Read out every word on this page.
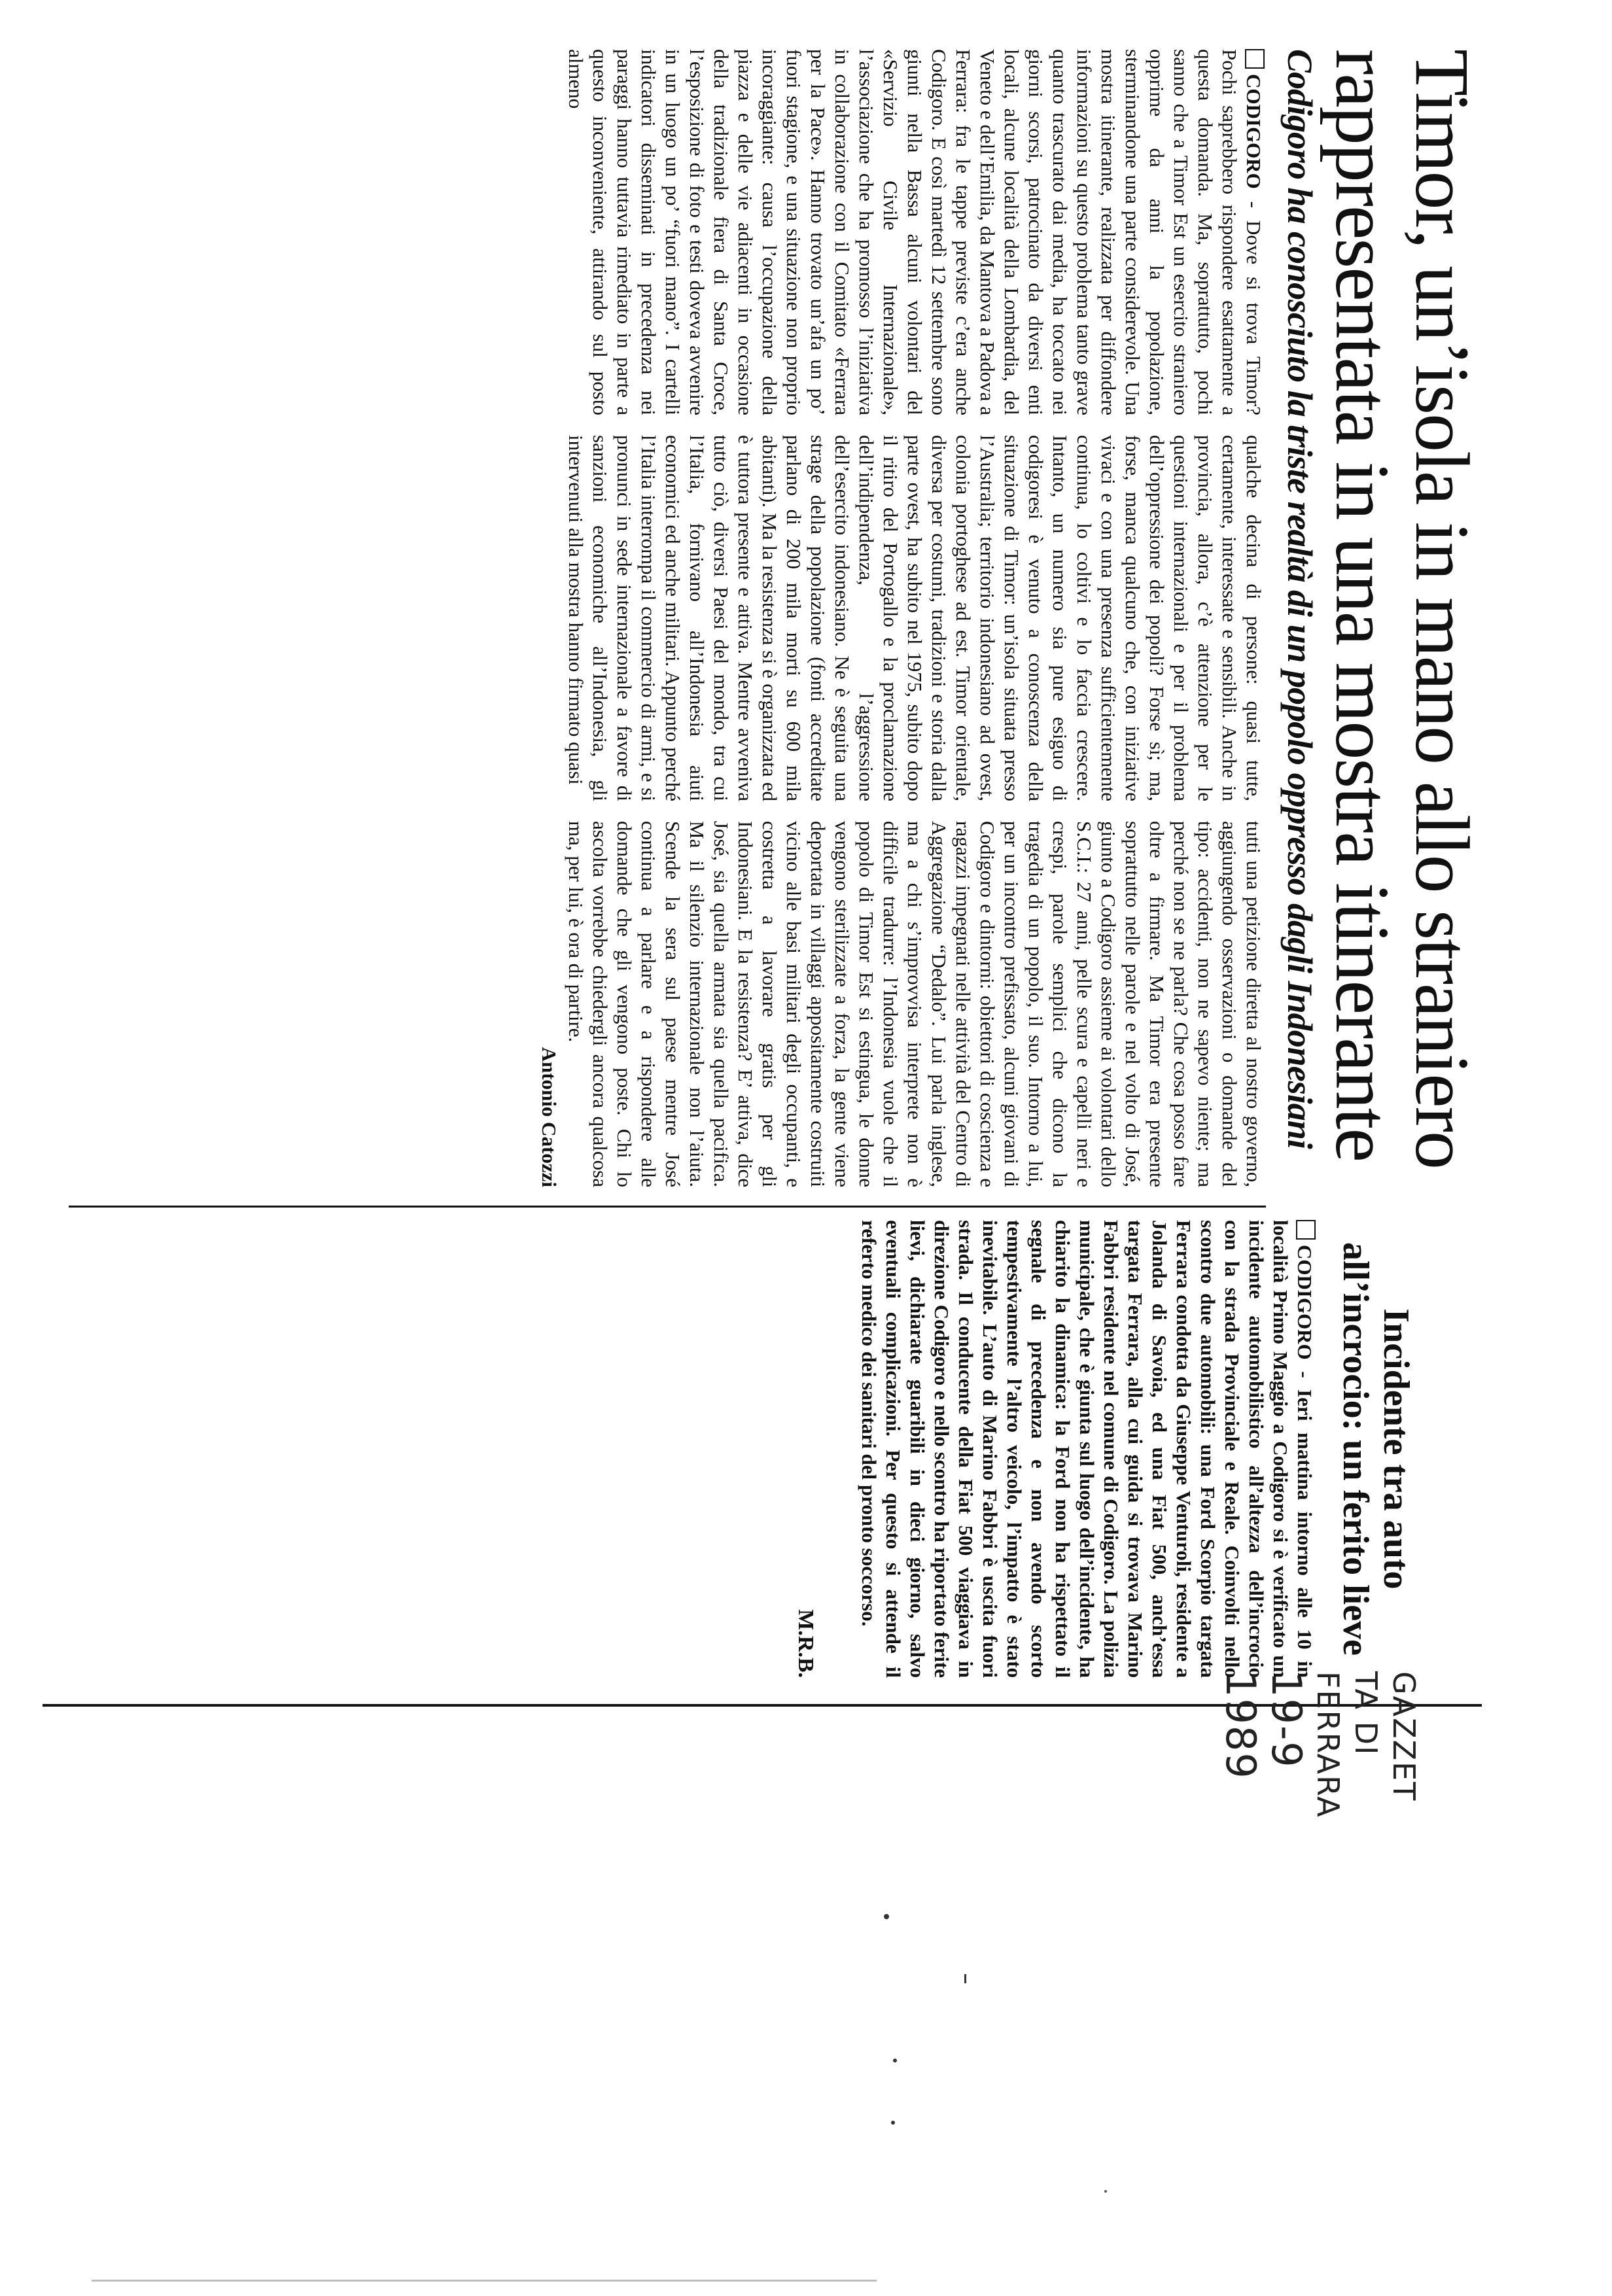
Timor, un’isola in mano allo straniero
rappresentata in una mostra itinerante
Codigoro ha conosciuto la triste realtà di un popolo oppresso dagli Indonesiani

CODIGORO - Dove si trova Timor? Pochi saprebbero rispondere esattamente a questa domanda. Ma, soprattutto, pochi sanno che a Timor Est un esercito straniero opprime da anni la popolazione, sterminandone una parte considerevole. Una mostra itinerante, realizzata per diffondere informazioni su questo problema tanto grave quanto trascurato dai media, ha toccato nei giorni scorsi, patrocinato da diversi enti locali, alcune località della Lombardia, del Veneto e dell’Emilia, da Mantova a Padova a Ferrara: fra le tappe previste c’era anche Codigoro. E così martedì 12 settembre sono giunti nella Bassa alcuni volontari del «Servizio Civile Internazionale», l’associazione che ha promosso l’iniziativa in collaborazione con il Comitato «Ferrara per la Pace». Hanno trovato un’afa un po’ fuori stagione, e una situazione non proprio incoraggiante: causa l’occupazione della piazza e delle vie adiacenti in occasione della tradizionale fiera di Santa Croce, l’esposizione di foto e testi doveva avvenire in un luogo un po’ “fuori mano”. I cartelli indicatori disseminati in precedenza nei paraggi hanno tuttavia rimediato in parte a questo inconveniente, attirando sul posto almeno

qualche decina di persone: quasi tutte, certamente, interessate e sensibili. Anche in provincia, allora, c’è attenzione per le questioni internazionali e per il problema dell’oppressione dei popoli? Forse sì; ma, forse, manca qualcuno che, con iniziative vivaci e con una presenza sufficientemente continua, lo coltivi e lo faccia crescere. Intanto, un numero sia pure esiguo di codigoresi è venuto a conoscenza della situazione di Timor: un’isola situata presso l’Australia; territorio indonesiano ad ovest, colonia portoghese ad est. Timor orientale, diversa per costumi, tradizioni e storia dalla parte ovest, ha subito nel 1975, subito dopo il ritiro del Portogallo e la proclamazione dell’indipendenza, l’aggressione dell’esercito indonesiano. Ne è seguita una strage della popolazione (fonti accreditate parlano di 200 mila morti su 600 mila abitanti). Ma la resistenza si è organizzata ed è tuttora presente e attiva. Mentre avveniva tutto ciò, diversi Paesi del mondo, tra cui l’Italia, fornivano all’Indonesia aiuti economici ed anche militari. Appunto perché l’Italia interrompa il commercio di armi, e si pronunci in sede internazionale a favore di sanzioni economiche all’Indonesia, gli intervenuti alla mostra hanno firmato quasi

tutti una petizione diretta al nostro governo, aggiungendo osservazioni o domande del tipo: accidenti, non ne sapevo niente; ma perché non se ne parla? Che cosa posso fare oltre a firmare. Ma Timor era presente soprattutto nelle parole e nel volto di José, giunto a Codigoro assieme ai volontari dello S.C.I.: 27 anni, pelle scura e capelli neri e crespi, parole semplici che dicono la tragedia di un popolo, il suo. Intorno a lui, per un incontro prefissato, alcuni giovani di Codigoro e dintorni: obiettori di coscienza e ragazzi impegnati nelle attività del Centro di Aggregazione “Dedalo”. Lui parla inglese, ma a chi s’improvvisa interprete non è difficile tradurre: l’Indonesia vuole che il popolo di Timor Est si estingua, le donne vengono sterilizzate a forza, la gente viene deportata in villaggi appositamente costruiti vicino alle basi militari degli occupanti, e costretta a lavorare gratis per gli Indonesiani. E la resistenza? E’ attiva, dice José, sia quella armata sia quella pacifica. Ma il silenzio internazionale non l’aiuta. Scende la sera sul paese mentre José continua a parlare e a rispondere alle domande che gli vengono poste. Chi lo ascolta vorrebbe chiedergli ancora qualcosa ma, per lui, è ora di partire.

Antonio Catozzi
Incidente tra auto all’incrocio: un ferito lieve

CODIGORO - Ieri mattina intorno alle 10 in località Primo Maggio a Codigoro si è verificato un incidente automobilistico all’altezza dell’incrocio con la strada Provinciale e Reale. Coinvolti nello scontro due automobili: una Ford Scorpio targata Ferrara condotta da Giuseppe Venturoli, residente a Jolanda di Savoia, ed una Fiat 500, anch’essa targata Ferrara, alla cui guida si trovava Marino Fabbri residente nel comune di Codigoro. La polizia municipale, che è giunta sul luogo dell’incidente, ha chiarito la dinamica: la Ford non ha rispettato il segnale di precedenza e non avendo scorto tempestivamente l’altro veicolo, l’impatto è stato inevitabile. L’auto di Marino Fabbri è uscita fuori strada. Il conducente della Fiat 500 viaggiava in direzione Codigoro e nello scontro ha riportato ferite lievi, dichiarate guaribili in dieci giorno, salvo eventuali complicazioni. Per questo si attende il referto medico dei sanitari del pronto soccorso.

M.R.B.
GAZZET
TA DI
FERRARA
19-9
1989
